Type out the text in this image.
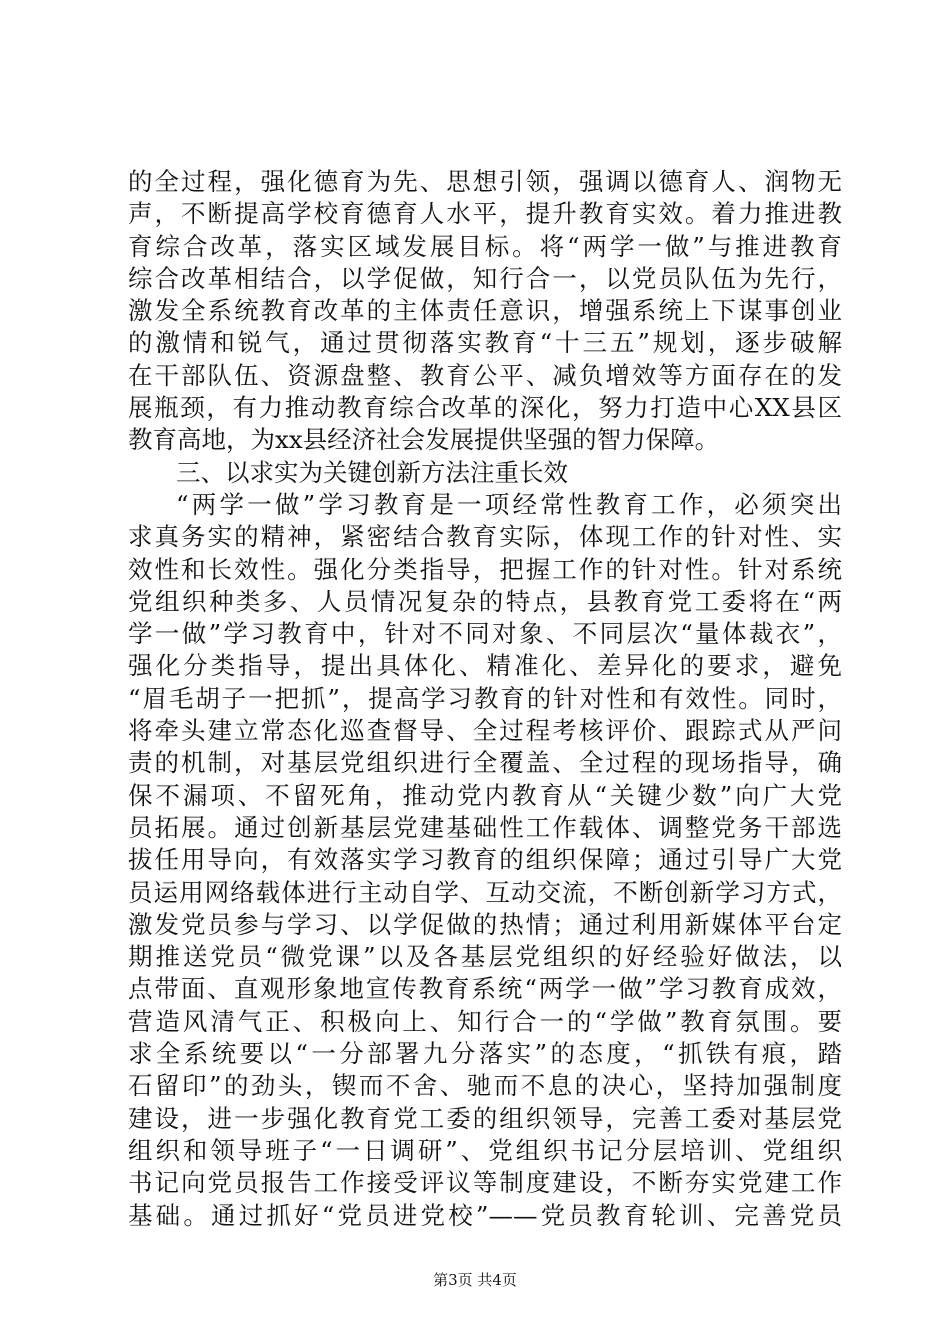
的全过程，强化德育为先、思想引领，强调以德育人、润物无
声，不断提高学校育德育人水平，提升教育实效。着力推进教
育综合改革，落实区域发展目标。将“两学一做”与推进教育
综合改革相结合，以学促做，知行合一，以党员队伍为先行，
激发全系统教育改革的主体责任意识，增强系统上下谋事创业
的激情和锐气，通过贯彻落实教育“十三五”规划，逐步破解
在干部队伍、资源盘整、教育公平、减负增效等方面存在的发
展瓶颈，有力推动教育综合改革的深化，努力打造中心XX县区
教育高地，为xx县经济社会发展提供坚强的智力保障。
三、以求实为关键创新方法注重长效
“两学一做”学习教育是一项经常性教育工作，必须突出
求真务实的精神，紧密结合教育实际，体现工作的针对性、实
效性和长效性。强化分类指导，把握工作的针对性。针对系统
党组织种类多、人员情况复杂的特点，县教育党工委将在“两
学一做”学习教育中，针对不同对象、不同层次“量体裁衣”，
强化分类指导，提出具体化、精准化、差异化的要求，避免
“眉毛胡子一把抓”，提高学习教育的针对性和有效性。同时，
将牵头建立常态化巡查督导、全过程考核评价、跟踪式从严问
责的机制，对基层党组织进行全覆盖、全过程的现场指导，确
保不漏项、不留死角，推动党内教育从“关键少数”向广大党
员拓展。通过创新基层党建基础性工作载体、调整党务干部选
拔任用导向，有效落实学习教育的组织保障；通过引导广大党
员运用网络载体进行主动自学、互动交流，不断创新学习方式，
激发党员参与学习、以学促做的热情；通过利用新媒体平台定
期推送党员“微党课”以及各基层党组织的好经验好做法，以
点带面、直观形象地宣传教育系统“两学一做”学习教育成效，
营造风清气正、积极向上、知行合一的“学做”教育氛围。要
求全系统要以“一分部署九分落实”的态度，“抓铁有痕，踏
石留印”的劲头，锲而不舍、驰而不息的决心，坚持加强制度
建设，进一步强化教育党工委的组织领导，完善工委对基层党
组织和领导班子“一日调研”、党组织书记分层培训、党组织
书记向党员报告工作接受评议等制度建设，不断夯实党建工作
基础。通过抓好“党员进党校”——党员教育轮训、完善党员
第3页 共4页
